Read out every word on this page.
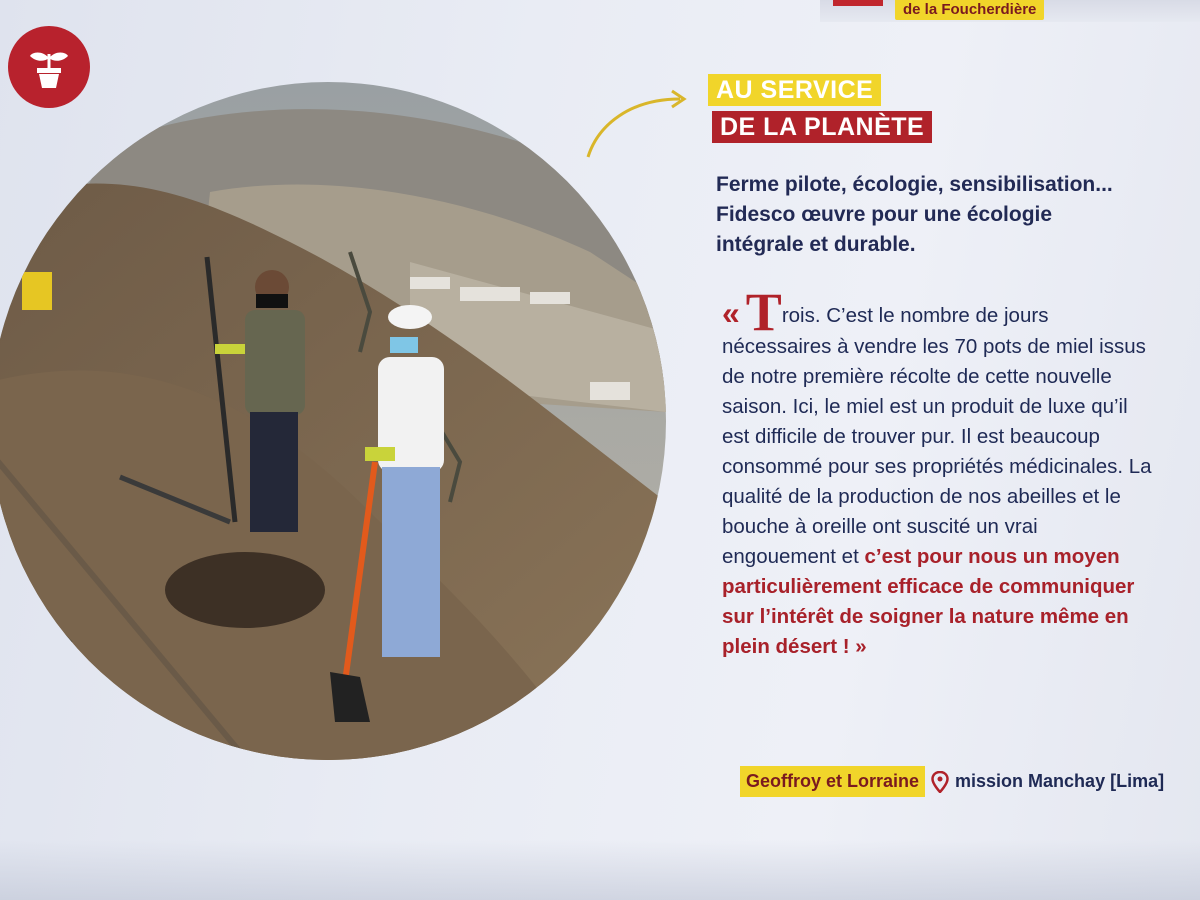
de la Foucherdière
AU SERVICE
DE LA PLANÈTE
Ferme pilote, écologie, sensibilisation... Fidesco œuvre pour une écologie intégrale et durable.
« Trois. C’est le nombre de jours nécessaires à vendre les 70 pots de miel issus de notre première récolte de cette nouvelle saison. Ici, le miel est un produit de luxe qu’il est difficile de trouver pur. Il est beaucoup consommé pour ses propriétés médicinales. La qualité de la production de nos abeilles et le bouche à oreille ont suscité un vrai engouement et c’est pour nous un moyen particulièrement efficace de communiquer sur l’intérêt de soigner la nature même en plein désert ! »
Geoffroy et Lorraine	mission Manchay [Lima]
